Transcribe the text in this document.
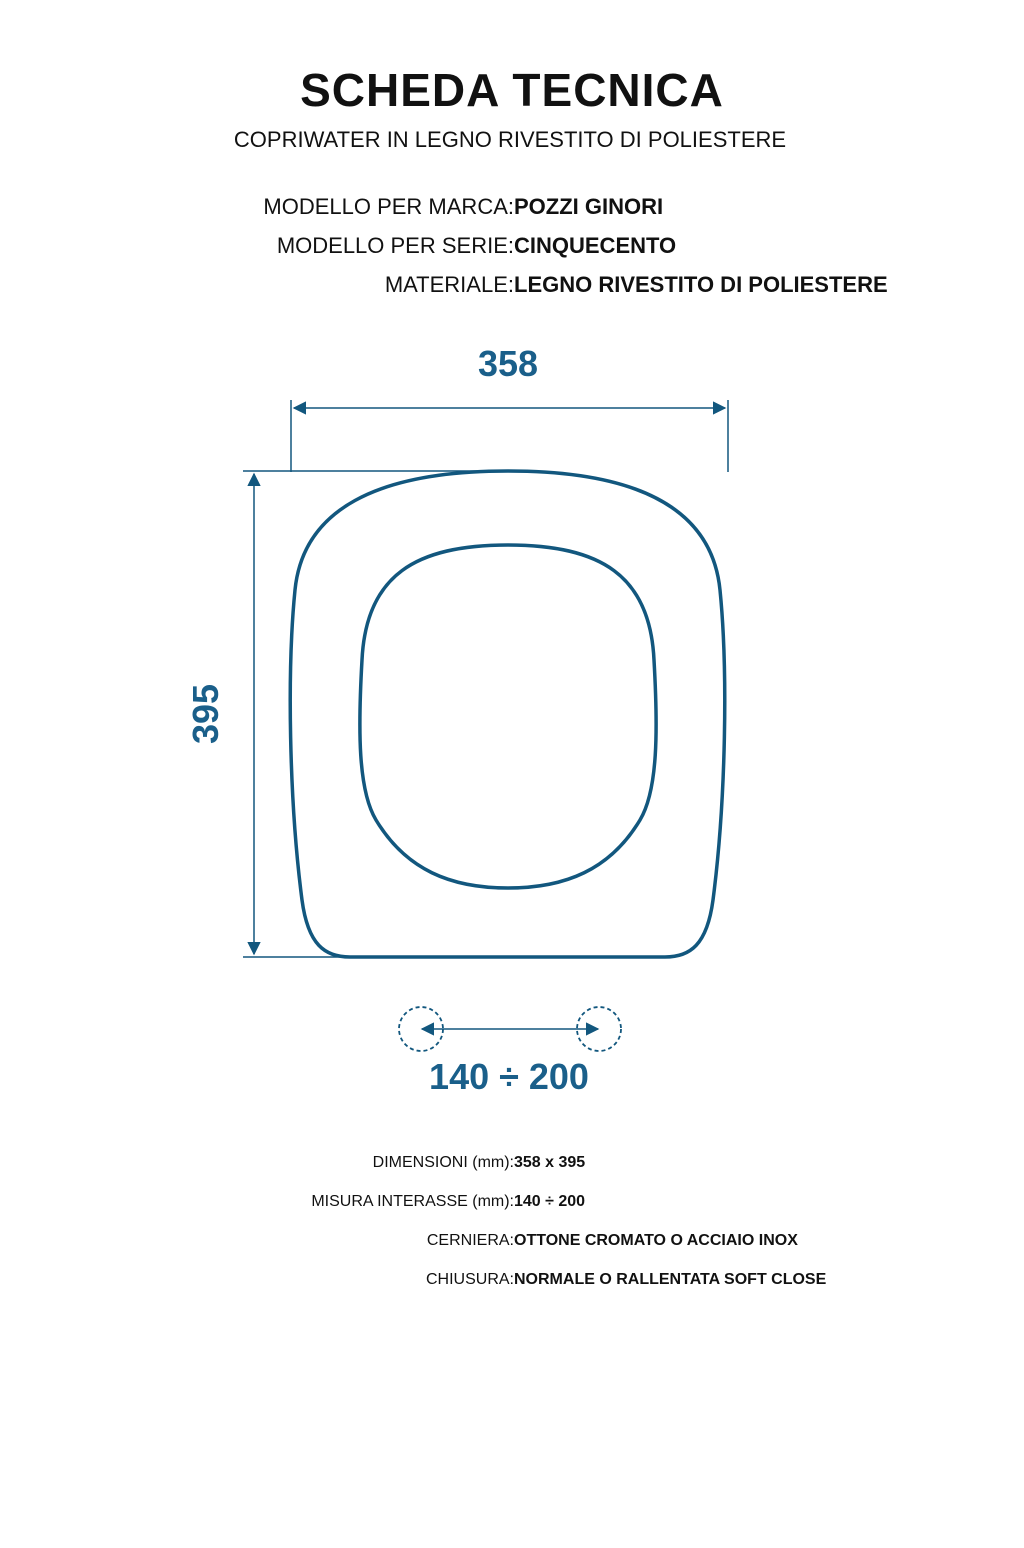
SCHEDA TECNICA

COPRIWATER IN LEGNO RIVESTITO DI POLIESTERE

MODELLO PER MARCA: POZZI GINORI
MODELLO PER SERIE: CINQUECENTO
MATERIALE: LEGNO RIVESTITO DI POLIESTERE
358
395
140 ÷ 200
DIMENSIONI (mm): 358 x 395
MISURA INTERASSE (mm): 140 ÷ 200
CERNIERA: OTTONE CROMATO O ACCIAIO INOX
CHIUSURA: NORMALE O RALLENTATA SOFT CLOSE
